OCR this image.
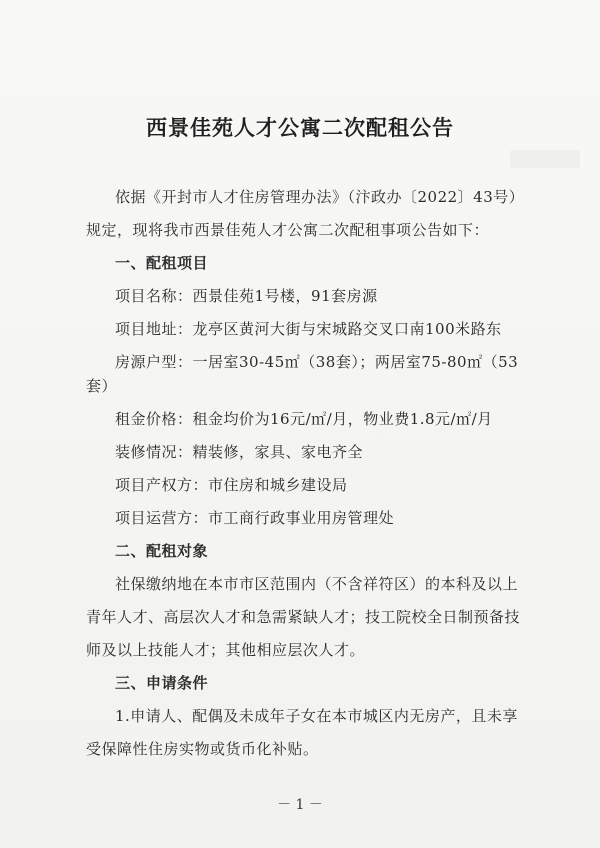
西景佳苑人才公寓二次配租公告
依据《开封市人才住房管理办法》（汴政办〔2022〕43号）
规定，现将我市西景佳苑人才公寓二次配租事项公告如下：
一、配租项目
项目名称：西景佳苑1号楼，91套房源
项目地址：龙亭区黄河大街与宋城路交叉口南100米路东
房源户型：一居室30-45㎡（38套）；两居室75-80㎡（53
套）
租金价格：租金均价为16元/㎡/月，物业费1.8元/㎡/月
装修情况：精装修，家具、家电齐全
项目产权方：市住房和城乡建设局
项目运营方：市工商行政事业用房管理处
二、配租对象
社保缴纳地在本市市区范围内（不含祥符区）的本科及以上
青年人才、高层次人才和急需紧缺人才；技工院校全日制预备技
师及以上技能人才；其他相应层次人才。
三、申请条件
1.申请人、配偶及未成年子女在本市城区内无房产，且未享
受保障性住房实物或货币化补贴。
－ 1 －
